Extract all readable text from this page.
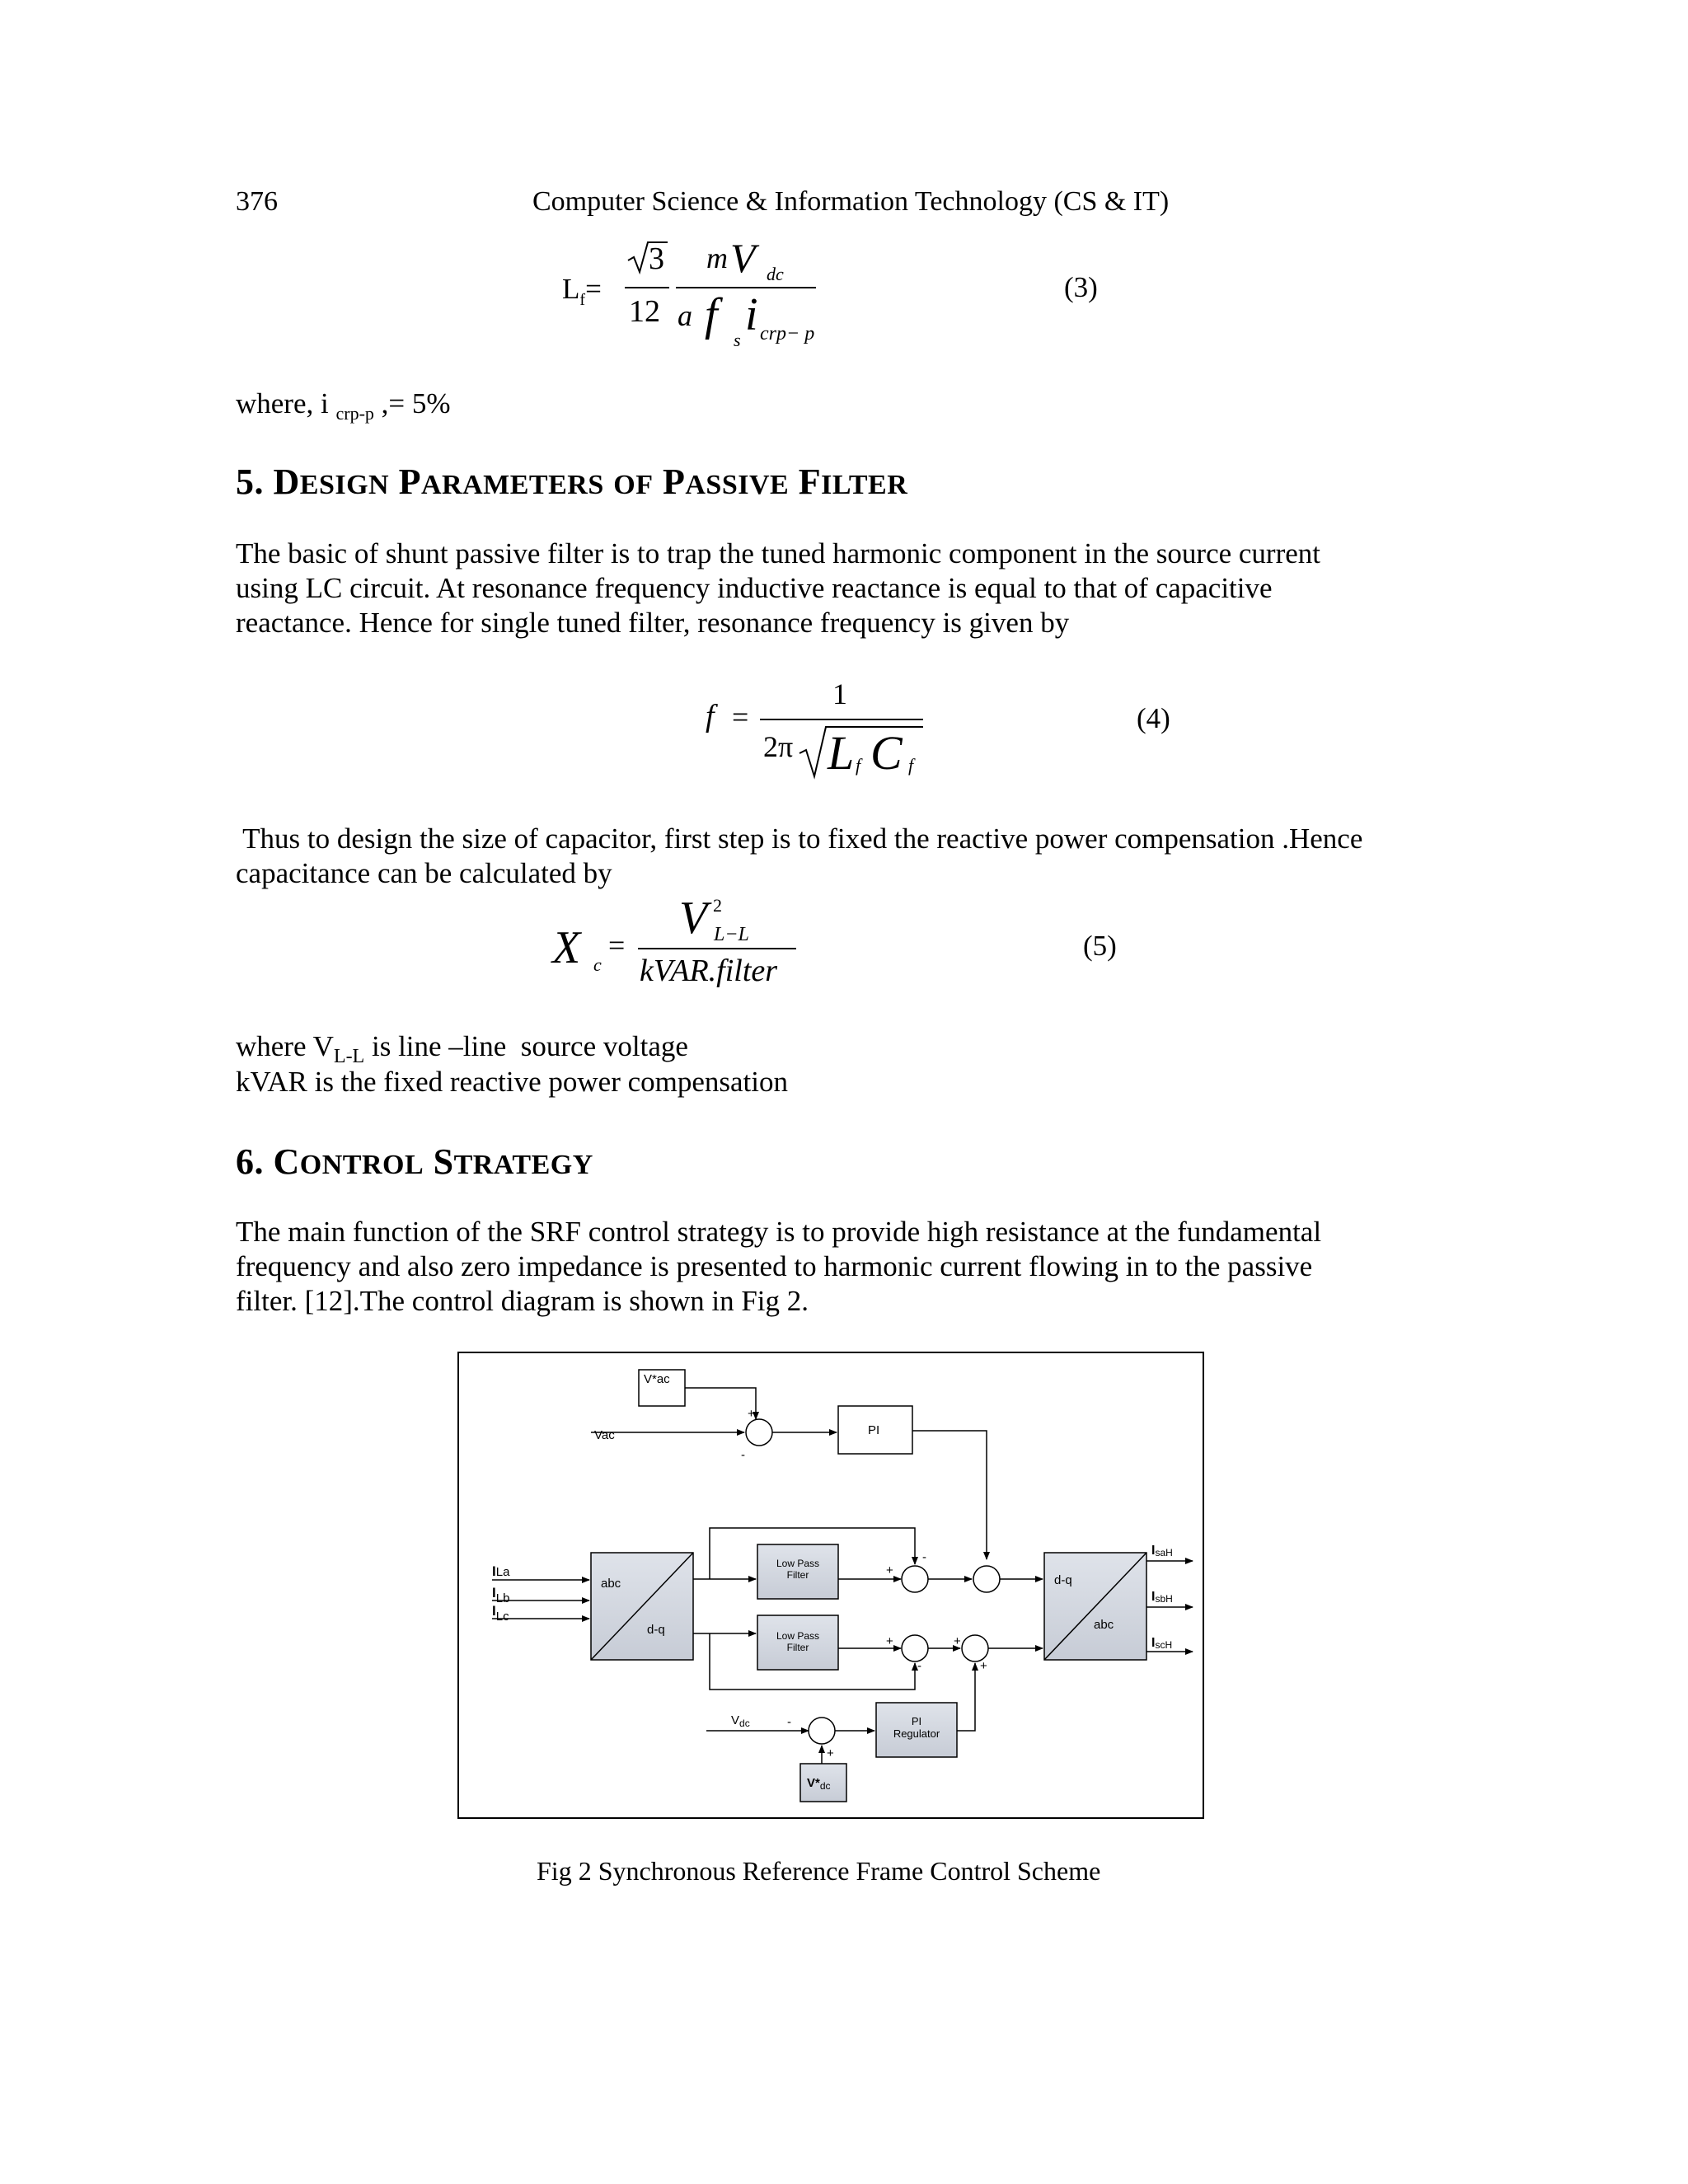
376	Computer Science & Information Technology (CS & IT)
$L_f=$
3
12
m V dc
a f s i crp− p
(3)
where, i $_{crp-p}$ ,= 5%
5. DESIGN PARAMETERS OF PASSIVE FILTER
The basic of shunt passive filter is to trap the tuned harmonic component in the source current
using LC circuit. At resonance frequency inductive reactance is equal to that of capacitive
reactance. Hence for single tuned filter, resonance frequency is given by
f =
1
2π L f C f
(4)
Thus to design the size of capacitor, first step is to fixed the reactive power compensation .Hence
capacitance can be calculated by
X c
=
V 2
L−L
kVAR.filter
(5)
where $V_{L-L}$ is line –line  source voltage
kVAR is the fixed reactive power compensation
6. CONTROL STRATEGY
The main function of the SRF control strategy is to provide high resistance at the fundamental
frequency and also zero impedance is presented to harmonic current flowing in to the passive
filter. [12].The control diagram is shown in Fig 2.
V*ac
Vac	PI
+
-
ILa
ILb
ILc
abc
d-q
Low Pass
Filter
Low Pass
Filter
+
-
+
-
+
+
d-q
abc
IsaH
IsbH
IscH
$V_{dc}$	-
+
PI
Regulator
$V*_{dc}$
Fig 2 Synchronous Reference Frame Control Scheme
